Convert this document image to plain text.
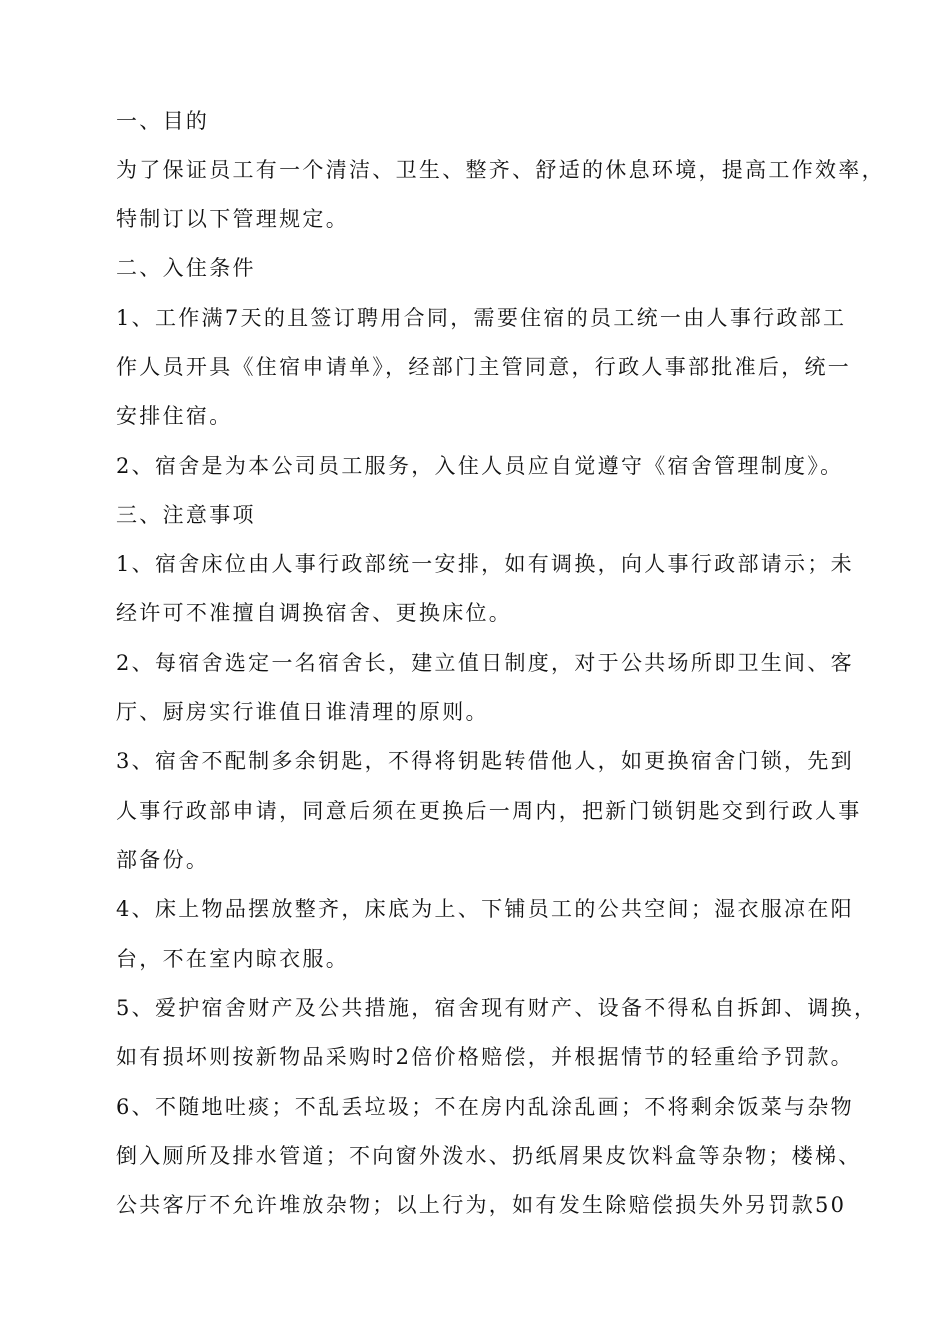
一、目的
为了保证员工有一个清洁、卫生、整齐、舒适的休息环境，提高工作效率，
特制订以下管理规定。
二、入住条件
1、工作满7天的且签订聘用合同，需要住宿的员工统一由人事行政部工
作人员开具《住宿申请单》，经部门主管同意，行政人事部批准后，统一
安排住宿。
2、宿舍是为本公司员工服务，入住人员应自觉遵守《宿舍管理制度》。
三、注意事项
1、宿舍床位由人事行政部统一安排，如有调换，向人事行政部请示；未
经许可不准擅自调换宿舍、更换床位。
2、每宿舍选定一名宿舍长，建立值日制度，对于公共场所即卫生间、客
厅、厨房实行谁值日谁清理的原则。
3、宿舍不配制多余钥匙，不得将钥匙转借他人，如更换宿舍门锁，先到
人事行政部申请，同意后须在更换后一周内，把新门锁钥匙交到行政人事
部备份。
4、床上物品摆放整齐，床底为上、下铺员工的公共空间；湿衣服凉在阳
台，不在室内晾衣服。
5、爱护宿舍财产及公共措施，宿舍现有财产、设备不得私自拆卸、调换，
如有损坏则按新物品采购时2倍价格赔偿，并根据情节的轻重给予罚款。
6、不随地吐痰；不乱丢垃圾；不在房内乱涂乱画；不将剩余饭菜与杂物
倒入厕所及排水管道；不向窗外泼水、扔纸屑果皮饮料盒等杂物；楼梯、
公共客厅不允许堆放杂物；以上行为，如有发生除赔偿损失外另罚款50
